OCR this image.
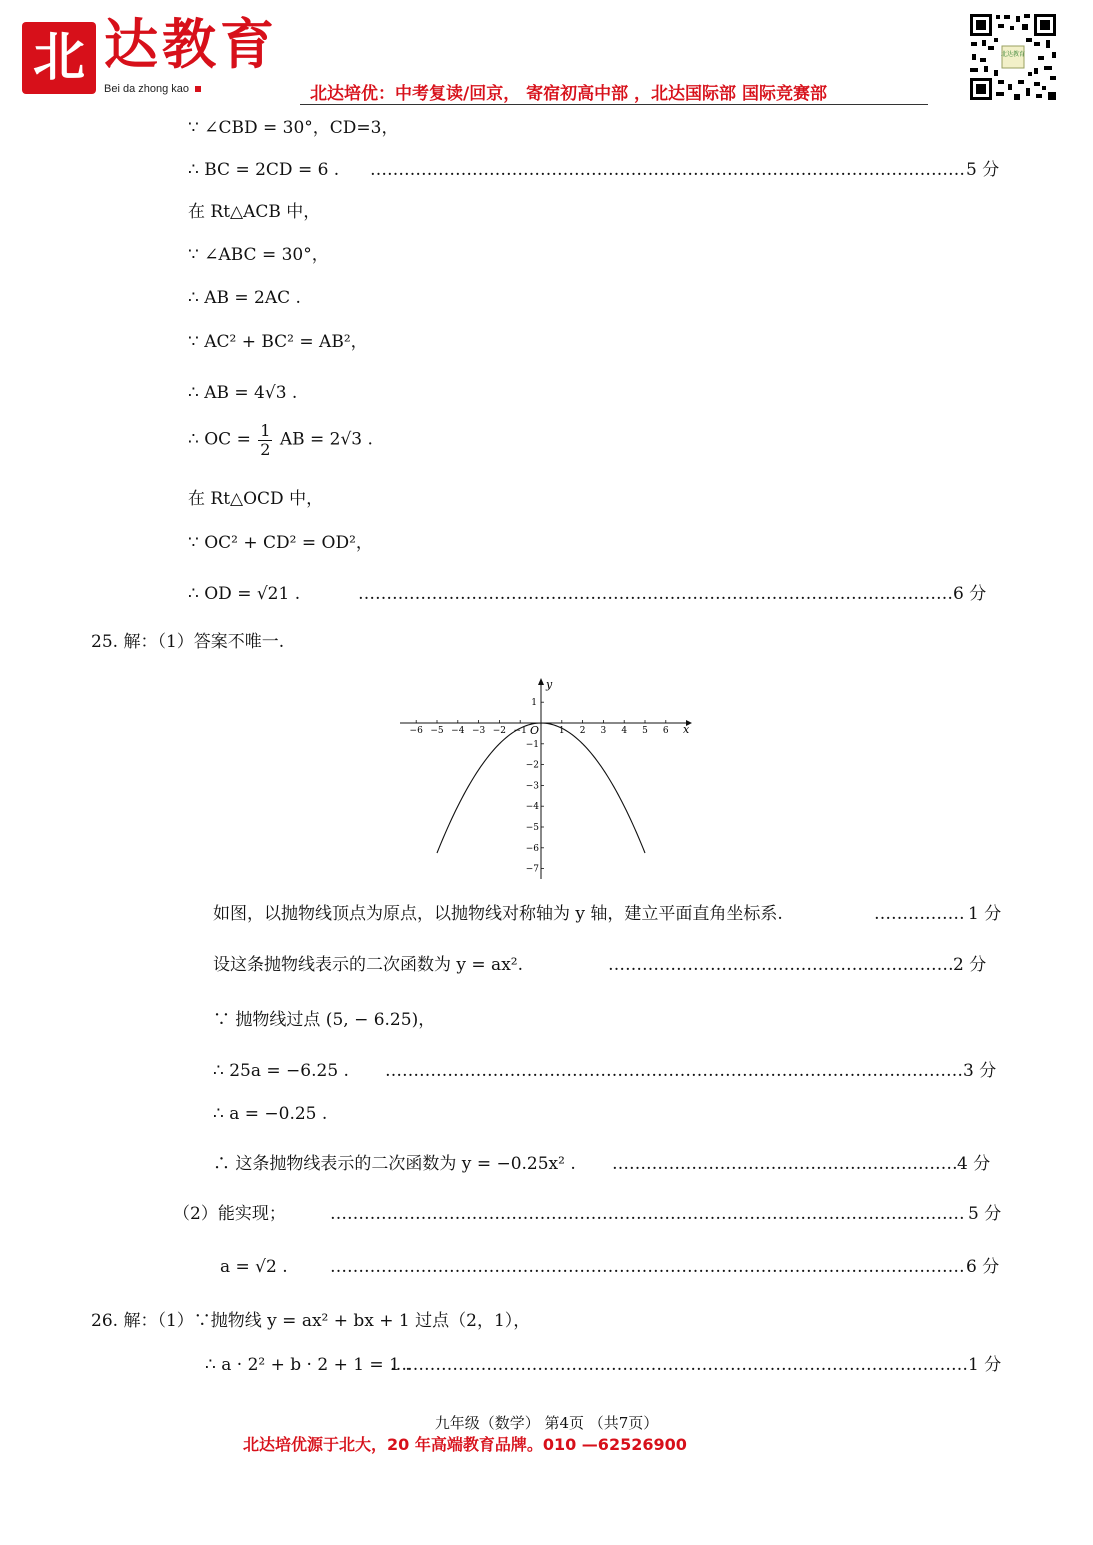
北 达教育
Bei da zhong kao	北达培优：中考复读/回京， 寄宿初高中部 ，北达国际部 国际竞赛部
北达教育
∵ ∠CBD = 30°，CD=3，
∴ BC = 2CD = 6 . ……………………………………………………………………………………………………………………………………………………………	5 分
在 Rt△ACB 中，
∵ ∠ABC = 30°，
∴ AB = 2AC .
∵ AC² + BC² = AB²，
∴ AB = 4√3 .
∴ OC = $\frac{1}{2}$ AB = 2√3 .
在 Rt△OCD 中，
∵ OC² + CD² = OD²，
∴ OD = √21 . ……………………………………………………………………………………………………………………………………………………………	6 分
25. 解：（1）答案不唯一.
x
y
O
−6 −5 −4 −3 −2 −1	1 2 3 4 5 6
1
−1
−2
−3
−4
−5
−6
−7
如图，以抛物线顶点为原点，以抛物线对称轴为 y 轴，建立平面直角坐标系. ……………………………………………………………………………………………………………………………………………………………	1 分
设这条抛物线表示的二次函数为 y = ax². ……………………………………………………………………………………………………………………………………………………………	2 分
∵ 抛物线过点 (5, − 6.25)，
∴ 25a = −6.25 . ……………………………………………………………………………………………………………………………………………………………	3 分
∴ a = −0.25 .
∴ 这条抛物线表示的二次函数为 y = −0.25x² . ……………………………………………………………………………………………………………………………………………………………	4 分
（2）能实现； ……………………………………………………………………………………………………………………………………………………………	5 分
a = √2 . ……………………………………………………………………………………………………………………………………………………………	6 分
26. 解：（1）∵抛物线 y = ax² + bx + 1 过点（2，1），
∴ a · 2² + b · 2 + 1 = 1 . ……………………………………………………………………………………………………………………………………………………………	1 分
九年级（数学） 第4页 （共7页）
北达培优源于北大，20 年高端教育品牌。010 —62526900
